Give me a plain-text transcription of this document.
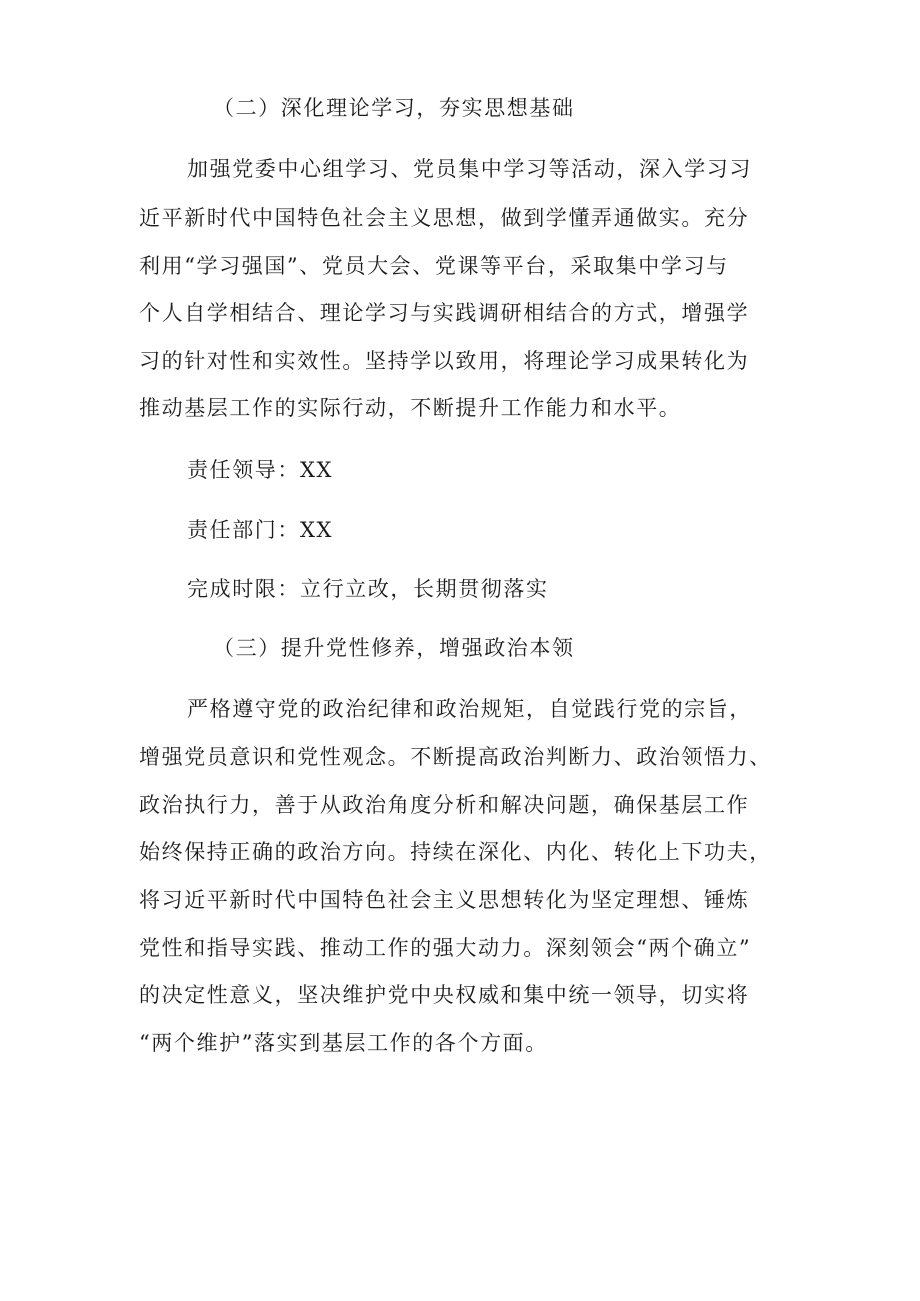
（二）深化理论学习，夯实思想基础
加强党委中心组学习、党员集中学习等活动，深入学习习
近平新时代中国特色社会主义思想，做到学懂弄通做实。充分
利用“学习强国”、党员大会、党课等平台，采取集中学习与
个人自学相结合、理论学习与实践调研相结合的方式，增强学
习的针对性和实效性。坚持学以致用，将理论学习成果转化为
推动基层工作的实际行动，不断提升工作能力和水平。
责任领导：XX
责任部门：XX
完成时限：立行立改，长期贯彻落实
（三）提升党性修养，增强政治本领
严格遵守党的政治纪律和政治规矩，自觉践行党的宗旨，
增强党员意识和党性观念。不断提高政治判断力、政治领悟力、
政治执行力，善于从政治角度分析和解决问题，确保基层工作
始终保持正确的政治方向。持续在深化、内化、转化上下功夫，
将习近平新时代中国特色社会主义思想转化为坚定理想、锤炼
党性和指导实践、推动工作的强大动力。深刻领会“两个确立”
的决定性意义，坚决维护党中央权威和集中统一领导，切实将
“两个维护”落实到基层工作的各个方面。
